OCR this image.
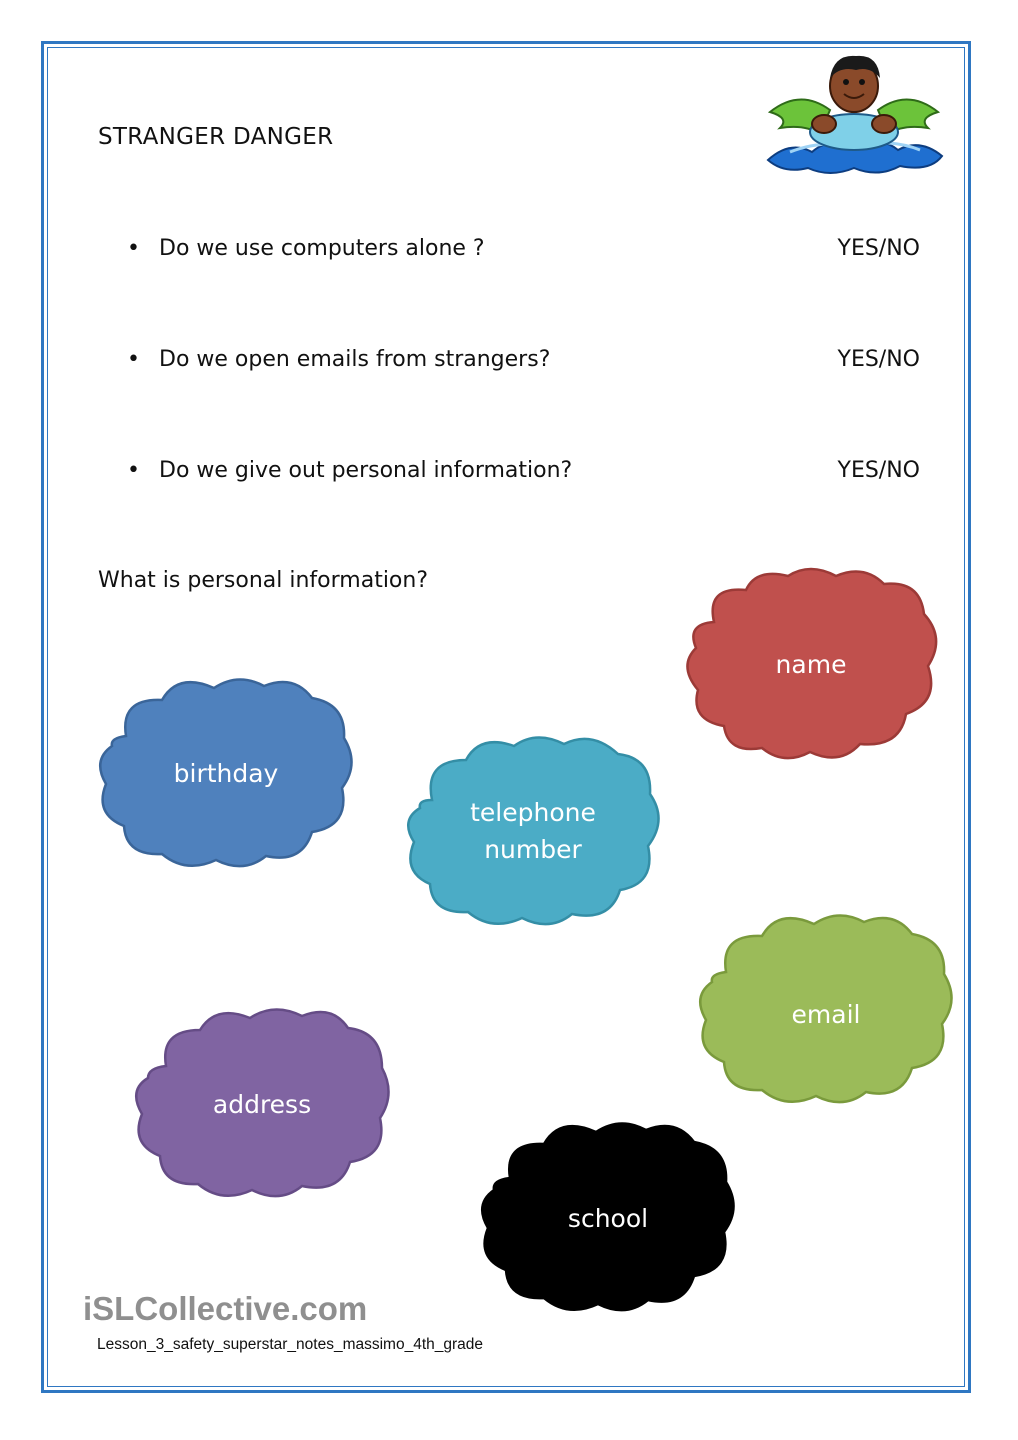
STRANGER DANGER
• Do we use computers alone ?	YES/NO
• Do we open emails from strangers?	YES/NO
• Do we give out personal information?	YES/NO
What is personal information?
name
birthday
telephone
number
email
address
school
iSLCollective.com
Lesson_3_safety_superstar_notes_massimo_4th_grade
